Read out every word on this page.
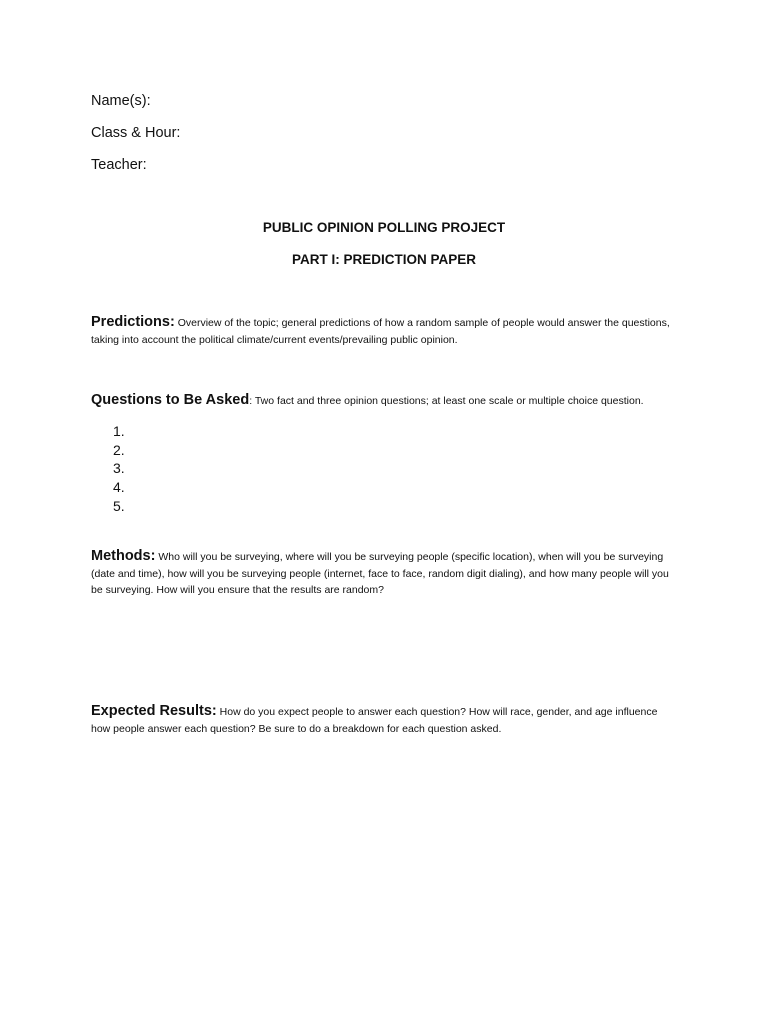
Name(s):
Class & Hour:
Teacher:
PUBLIC OPINION POLLING PROJECT
PART I: PREDICTION PAPER
Predictions: Overview of the topic; general predictions of how a random sample of people would answer the questions, taking into account the political climate/current events/prevailing public opinion.
Questions to Be Asked: Two fact and three opinion questions; at least one scale or multiple choice question.
1.
2.
3.
4.
5.
Methods: Who will you be surveying, where will you be surveying people (specific location), when will you be surveying (date and time), how will you be surveying people (internet, face to face, random digit dialing), and how many people will you be surveying. How will you ensure that the results are random?
Expected Results: How do you expect people to answer each question? How will race, gender, and age influence how people answer each question? Be sure to do a breakdown for each question asked.
